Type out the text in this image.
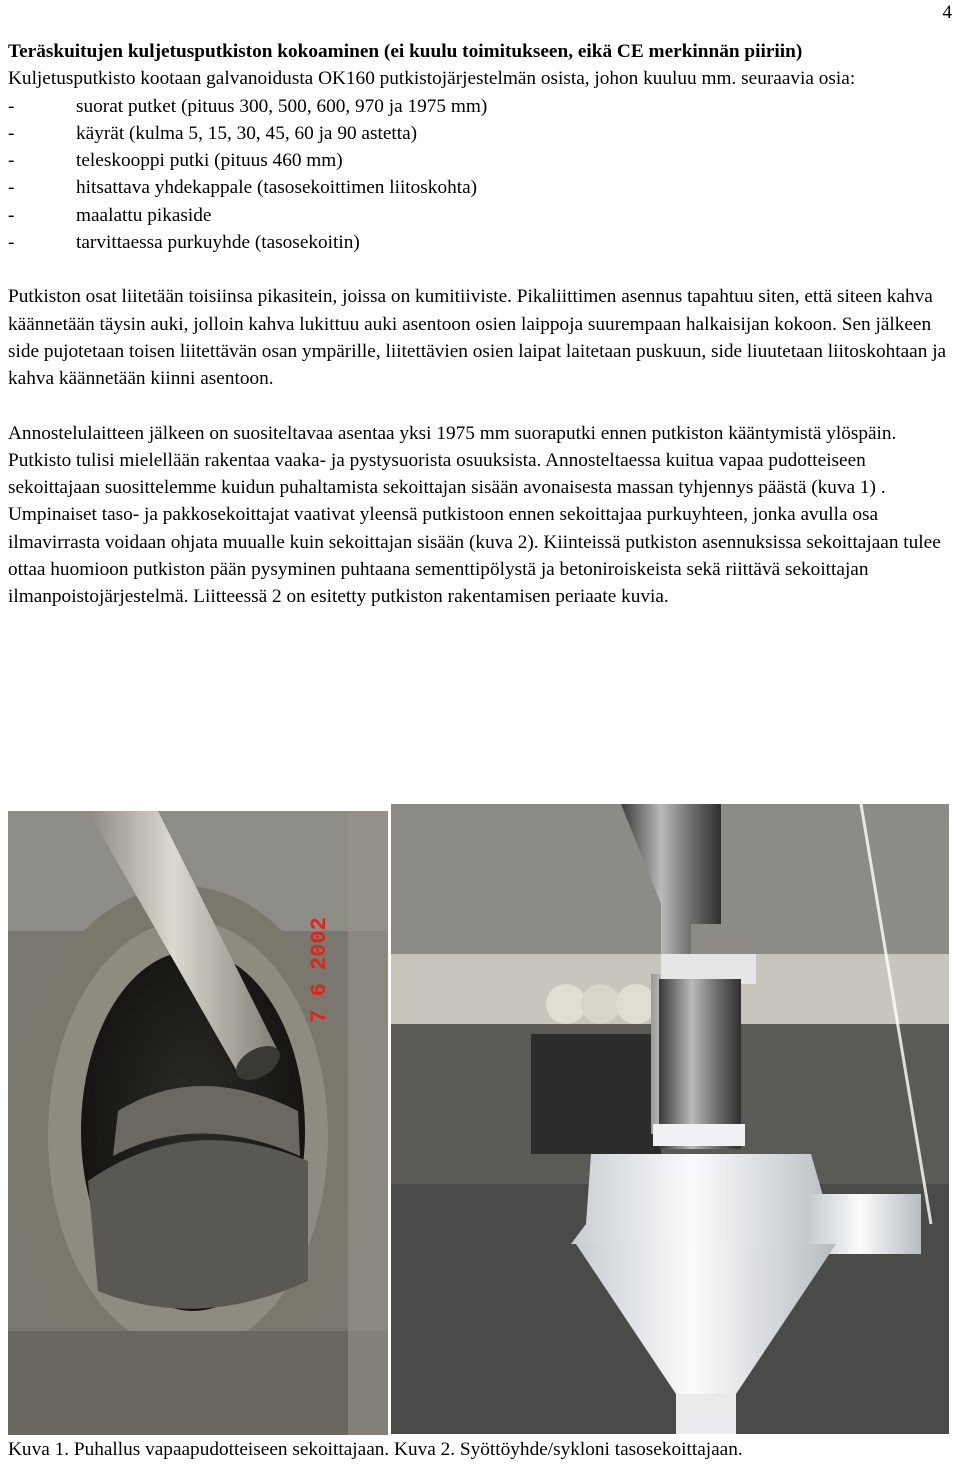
4

Teräskuitujen kuljetusputkiston kokoaminen (ei kuulu toimitukseen, eikä CE merkinnän piiriin)

Kuljetusputkisto kootaan galvanoidusta OK160 putkistojärjestelmän osista, johon kuuluu mm. seuraavia osia:

-	suorat putket (pituus 300, 500, 600, 970 ja 1975 mm)
-	käyrät (kulma 5, 15, 30, 45, 60 ja 90 astetta)
-	teleskooppi putki (pituus 460 mm)
-	hitsattava yhdekappale (tasosekoittimen liitoskohta)
-	maalattu pikaside
-	tarvittaessa purkuyhde (tasosekoitin)

Putkiston osat liitetään toisiinsa pikasitein, joissa on kumitiiviste. Pikaliittimen asennus tapahtuu siten, että siteen kahva käännetään täysin auki, jolloin kahva lukittuu auki asentoon osien laippoja suurempaan halkaisijan kokoon. Sen jälkeen side pujotetaan toisen liitettävän osan ympärille, liitettävien osien laipat laitetaan puskuun, side liuutetaan liitoskohtaan ja kahva käännetään kiinni asentoon.

Annostelulaitteen jälkeen on suositeltavaa asentaa yksi 1975 mm suoraputki ennen putkiston kääntymistä ylöspäin. Putkisto tulisi mielellään rakentaa vaaka- ja pystysuorista osuuksista. Annosteltaessa kuitua vapaa pudotteiseen sekoittajaan suosittelemme kuidun puhaltamista sekoittajan sisään avonaisesta massan tyhjennys päästä (kuva 1) . Umpinaiset taso- ja pakkosekoittajat vaativat yleensä putkistoon ennen sekoittajaa purkuyhteen, jonka avulla osa ilmavirrasta voidaan ohjata muualle kuin sekoittajan sisään (kuva 2). Kiinteissä putkiston asennuksissa sekoittajaan tulee ottaa huomioon putkiston pään pysyminen puhtaana sementtipölystä ja betoniroiskeista sekä riittävä sekoittajan ilmanpoistojärjestelmä. Liitteessä 2 on esitetty putkiston rakentamisen periaate kuvia.

7 6 2002
Kuva 1. Puhallus vapaapudotteiseen sekoittajaan. Kuva 2. Syöttöyhde/sykloni tasosekoittajaan.
